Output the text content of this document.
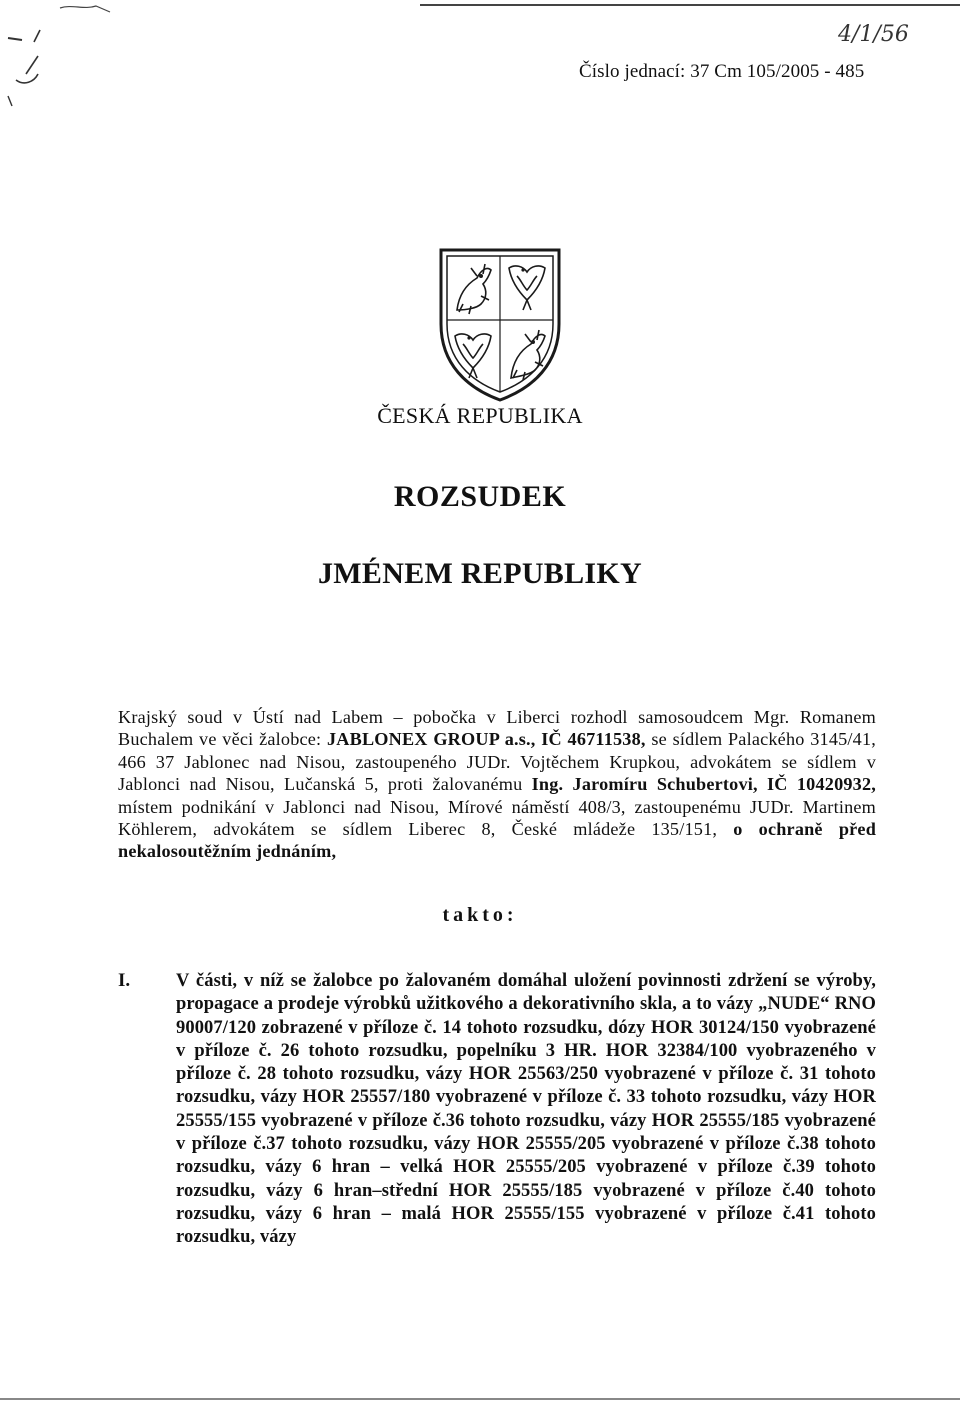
4/1/56
Číslo jednací: 37 Cm 105/2005 - 485
ČESKÁ REPUBLIKA
ROZSUDEK
JMÉNEM REPUBLIKY
Krajský soud v Ústí nad Labem – pobočka v Liberci rozhodl samosoudcem Mgr. Romanem Buchalem ve věci žalobce: JABLONEX GROUP a.s., IČ 46711538, se sídlem Palackého 3145/41, 466 37 Jablonec nad Nisou, zastoupeného JUDr. Vojtěchem Krupkou, advokátem se sídlem v Jablonci nad Nisou, Lučanská 5, proti žalovanému Ing. Jaromíru Schubertovi, IČ 10420932, místem podnikání v Jablonci nad Nisou, Mírové náměstí 408/3, zastoupenému JUDr. Martinem Köhlerem, advokátem se sídlem Liberec 8, České mládeže 135/151, o ochraně před nekalosoutěžním jednáním,
takto:
I. V části, v níž se žalobce po žalovaném domáhal uložení povinnosti zdržení se výroby, propagace a prodeje výrobků užitkového a dekorativního skla, a to vázy „NUDE“ RNO 90007/120 zobrazené v příloze č. 14 tohoto rozsudku, dózy HOR 30124/150 vyobrazené v příloze č. 26 tohoto rozsudku, popelníku 3 HR. HOR 32384/100 vyobrazeného v příloze č. 28 tohoto rozsudku, vázy HOR 25563/250 vyobrazené v příloze č. 31 tohoto rozsudku, vázy HOR 25557/180 vyobrazené v příloze č. 33 tohoto rozsudku, vázy HOR 25555/155 vyobrazené v příloze č.36 tohoto rozsudku, vázy HOR 25555/185 vyobrazené v příloze č.37 tohoto rozsudku, vázy HOR 25555/205 vyobrazené v příloze č.38 tohoto rozsudku, vázy 6 hran – velká HOR 25555/205 vyobrazené v příloze č.39 tohoto rozsudku, vázy 6 hran–střední HOR 25555/185 vyobrazené v příloze č.40 tohoto rozsudku, vázy 6 hran – malá HOR 25555/155 vyobrazené v příloze č.41 tohoto rozsudku, vázy
